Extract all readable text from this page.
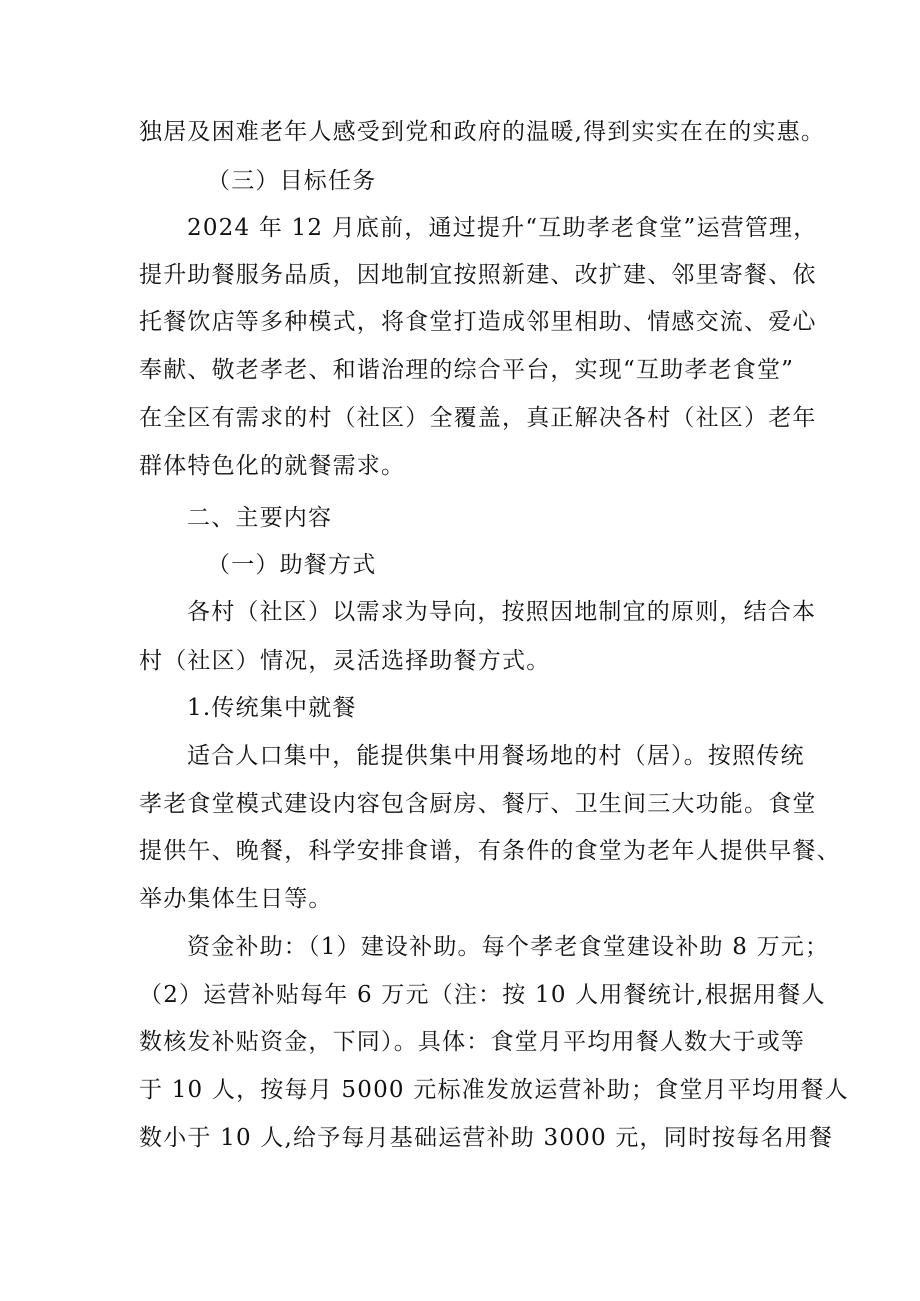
独居及困难老年人感受到党和政府的温暖,得到实实在在的实惠。
（三）目标任务
2024 年 12 月底前，通过提升“互助孝老食堂”运营管理，
提升助餐服务品质，因地制宜按照新建、改扩建、邻里寄餐、依
托餐饮店等多种模式，将食堂打造成邻里相助、情感交流、爱心
奉献、敬老孝老、和谐治理的综合平台，实现“互助孝老食堂”
在全区有需求的村（社区）全覆盖，真正解决各村（社区）老年
群体特色化的就餐需求。
二、主要内容
（一）助餐方式
各村（社区）以需求为导向，按照因地制宜的原则，结合本
村（社区）情况，灵活选择助餐方式。
1.传统集中就餐
适合人口集中，能提供集中用餐场地的村（居）。按照传统
孝老食堂模式建设内容包含厨房、餐厅、卫生间三大功能。食堂
提供午、晚餐，科学安排食谱，有条件的食堂为老年人提供早餐、
举办集体生日等。
资金补助：（1）建设补助。每个孝老食堂建设补助 8 万元；
（2）运营补贴每年 6 万元（注：按 10 人用餐统计,根据用餐人
数核发补贴资金，下同）。具体：食堂月平均用餐人数大于或等
于 10 人，按每月 5000 元标准发放运营补助；食堂月平均用餐人
数小于 10 人,给予每月基础运营补助 3000 元，同时按每名用餐
